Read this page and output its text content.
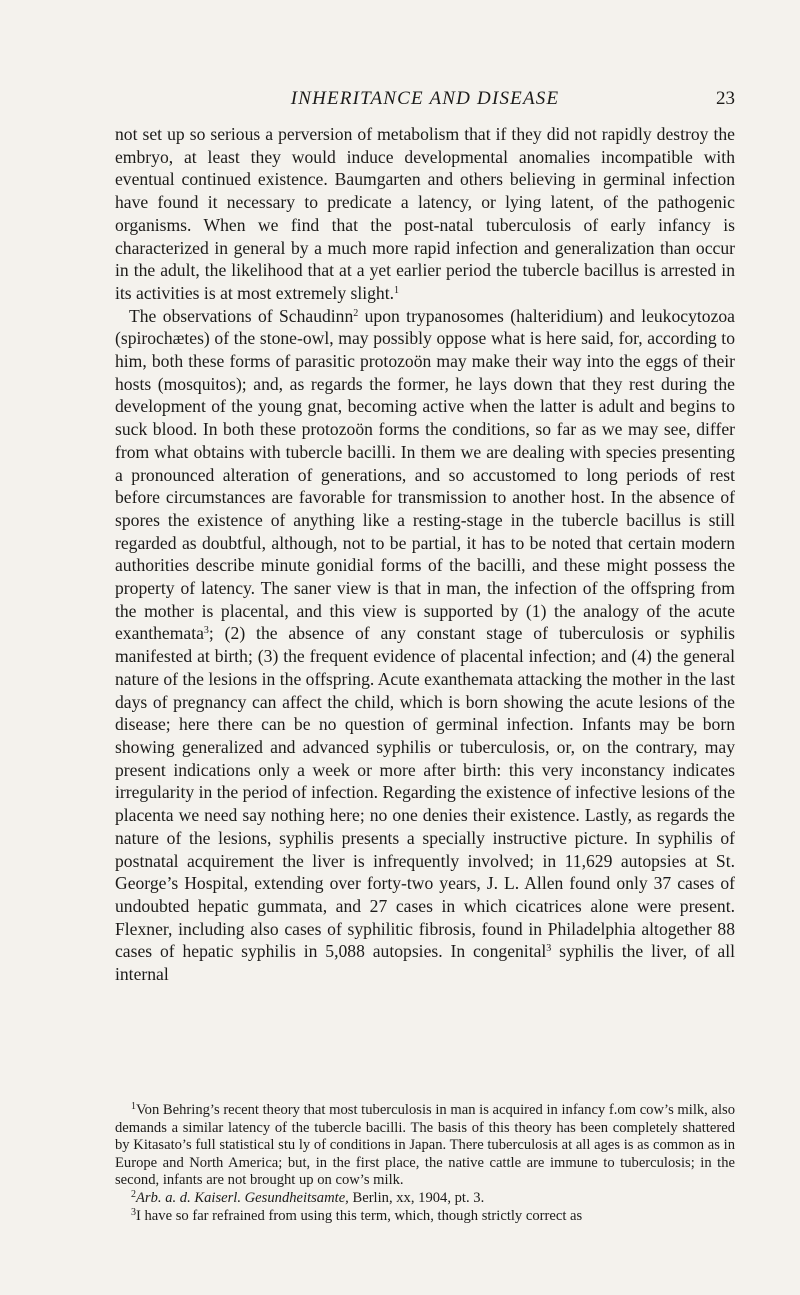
INHERITANCE AND DISEASE	23

not set up so serious a perversion of metabolism that if they did not rapidly destroy the embryo, at least they would induce developmental anomalies incompatible with eventual continued existence. Baumgarten and others believing in germinal infection have found it necessary to predicate a latency, or lying latent, of the pathogenic organisms. When we find that the post-natal tuberculosis of early infancy is characterized in general by a much more rapid infection and generalization than occur in the adult, the likelihood that at a yet earlier period the tubercle bacillus is arrested in its activities is at most extremely slight.$^1$

The observations of Schaudinn$^2$ upon trypanosomes (halteridium) and leukocytozoa (spirochætes) of the stone-owl, may possibly oppose what is here said, for, according to him, both these forms of parasitic protozoön may make their way into the eggs of their hosts (mosquitos); and, as regards the former, he lays down that they rest during the development of the young gnat, becoming active when the latter is adult and begins to suck blood. In both these protozoön forms the conditions, so far as we may see, differ from what obtains with tubercle bacilli. In them we are dealing with species presenting a pronounced alteration of generations, and so accustomed to long periods of rest before circumstances are favorable for transmission to another host. In the absence of spores the existence of anything like a resting-stage in the tubercle bacillus is still regarded as doubtful, although, not to be partial, it has to be noted that certain modern authorities describe minute gonidial forms of the bacilli, and these might possess the property of latency. The saner view is that in man, the infection of the offspring from the mother is placental, and this view is supported by (1) the analogy of the acute exanthemata$^3$; (2) the absence of any constant stage of tuberculosis or syphilis manifested at birth; (3) the frequent evidence of placental infection; and (4) the general nature of the lesions in the offspring. Acute exanthemata attacking the mother in the last days of pregnancy can affect the child, which is born showing the acute lesions of the disease; here there can be no question of germinal infection. Infants may be born showing generalized and advanced syphilis or tuberculosis, or, on the contrary, may present indications only a week or more after birth: this very inconstancy indicates irregularity in the period of infection. Regarding the existence of infective lesions of the placenta we need say nothing here; no one denies their existence. Lastly, as regards the nature of the lesions, syphilis presents a specially instructive picture. In syphilis of postnatal acquirement the liver is infrequently involved; in 11,629 autopsies at St. George’s Hospital, extending over forty-two years, J. L. Allen found only 37 cases of undoubted hepatic gummata, and 27 cases in which cicatrices alone were present. Flexner, including also cases of syphilitic fibrosis, found in Philadelphia altogether 88 cases of hepatic syphilis in 5,088 autopsies. In congenital$^3$ syphilis the liver, of all internal

$^1$Von Behring’s recent theory that most tuberculosis in man is acquired in infancy f.om cow’s milk, also demands a similar latency of the tubercle bacilli. The basis of this theory has been completely shattered by Kitasato’s full statistical stu ly of conditions in Japan. There tuberculosis at all ages is as common as in Europe and North America; but, in the first place, the native cattle are immune to tuberculosis; in the second, infants are not brought up on cow’s milk.

$^2$Arb. a. d. Kaiserl. Gesundheitsamte, Berlin, xx, 1904, pt. 3.

$^3$I have so far refrained from using this term, which, though strictly correct as
